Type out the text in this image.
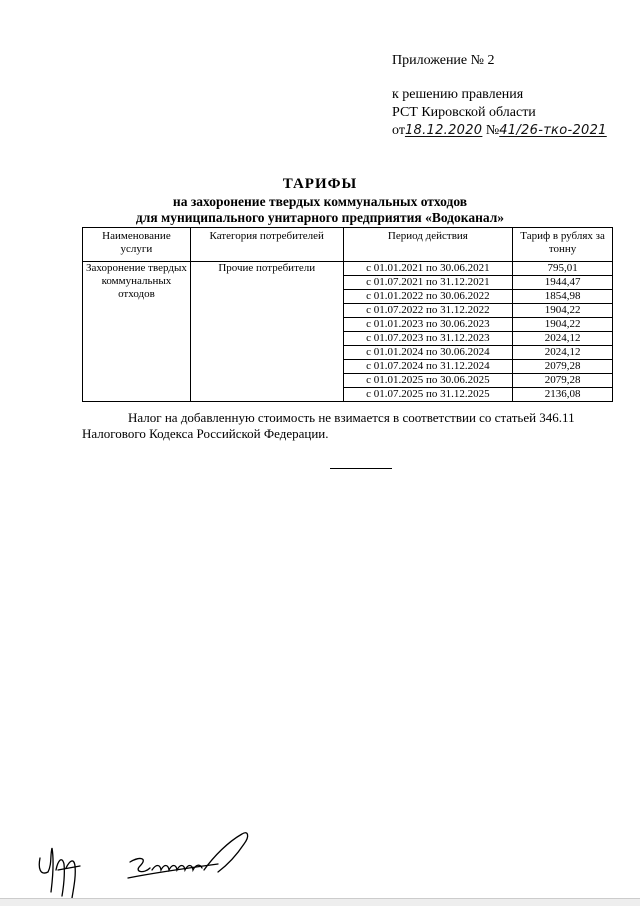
Приложение № 2
к решению правления
РСТ Кировской области
от18.12.2020 №41/26-тко-2021
ТАРИФЫ
на захоронение твердых коммунальных отходов
для муниципального унитарного предприятия «Водоканал»
Наименование услуги	Категория потребителей	Период действия	Тариф в рублях за тонну
Захоронение твердых коммунальных отходов	Прочие потребители	с 01.01.2021 по 30.06.2021	795,01
		с 01.07.2021 по 31.12.2021	1944,47
		с 01.01.2022 по 30.06.2022	1854,98
		с 01.07.2022 по 31.12.2022	1904,22
		с 01.01.2023 по 30.06.2023	1904,22
		с 01.07.2023 по 31.12.2023	2024,12
		с 01.01.2024 по 30.06.2024	2024,12
		с 01.07.2024 по 31.12.2024	2079,28
		с 01.01.2025 по 30.06.2025	2079,28
		с 01.07.2025 по 31.12.2025	2136,08
Налог на добавленную стоимость не взимается в соответствии со статьей 346.11
Налогового Кодекса Российской Федерации.
